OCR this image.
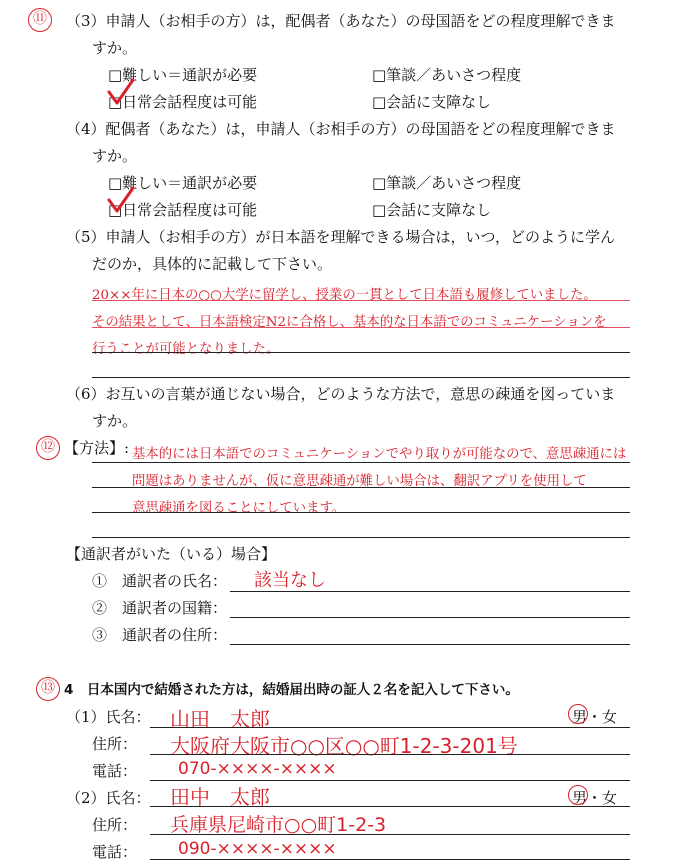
⑪	（3）申請人（お相手の方）は，配偶者（あなた）の母国語をどの程度理解できま
すか。
□難しい＝通訳が必要	□筆談／あいさつ程度
□日常会話程度は可能	□会話に支障なし
（4）配偶者（あなた）は，申請人（お相手の方）の母国語をどの程度理解できま
すか。
□難しい＝通訳が必要	□筆談／あいさつ程度
□日常会話程度は可能	□会話に支障なし
（5）申請人（お相手の方）が日本語を理解できる場合は，いつ，どのように学ん
だのか，具体的に記載して下さい。
20××年に日本の○○大学に留学し、授業の一貫として日本語も履修していました。
その結果として、日本語検定N2に合格し、基本的な日本語でのコミュニケーションを
行うことが可能となりました。
（6）お互いの言葉が通じない場合，どのような方法で，意思の疎通を図っていま
すか。
⑫ 【方法】: 基本的には日本語でのコミュニケーションでやり取りが可能なので、意思疎通には
問題はありませんが、仮に意思疎通が難しい場合は、翻訳アプリを使用して
意思疎通を図ることにしています。
【通訳者がいた（いる）場合】
①　通訳者の氏名： 該当なし
②　通訳者の国籍：
③　通訳者の住所：
⑬ 4　日本国内で結婚された方は，結婚届出時の証人２名を記入して下さい。
（1）氏名： 山田　太郎	男・女
住所： 大阪府大阪市○○区○○町1-2-3-201号
電話： 070-××××-××××
（2）氏名： 田中　太郎	男・女
住所： 兵庫県尼崎市○○町1-2-3
電話： 090-××××-××××
